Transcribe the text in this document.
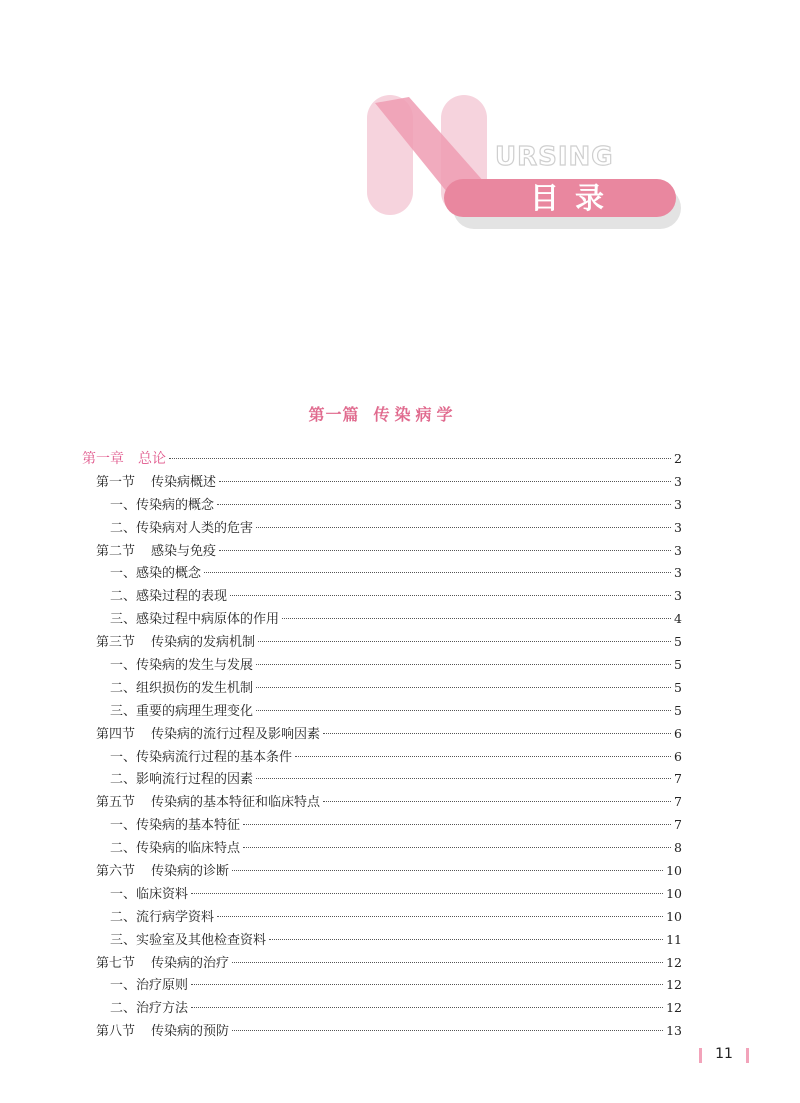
URSING
目录
第一篇 传染病学
第一章 总论	2
第一节 传染病概述	3
一、 传染病的概念	3
二、 传染病对人类的危害	3
第二节 感染与免疫	3
一、 感染的概念	3
二、 感染过程的表现	3
三、 感染过程中病原体的作用	4
第三节 传染病的发病机制	5
一、 传染病的发生与发展	5
二、 组织损伤的发生机制	5
三、 重要的病理生理变化	5
第四节 传染病的流行过程及影响因素	6
一、 传染病流行过程的基本条件	6
二、 影响流行过程的因素	7
第五节 传染病的基本特征和临床特点	7
一、 传染病的基本特征	7
二、 传染病的临床特点	8
第六节 传染病的诊断	10
一、 临床资料	10
二、 流行病学资料	10
三、 实验室及其他检查资料	11
第七节 传染病的治疗	12
一、 治疗原则	12
二、 治疗方法	12
第八节 传染病的预防	13
11
